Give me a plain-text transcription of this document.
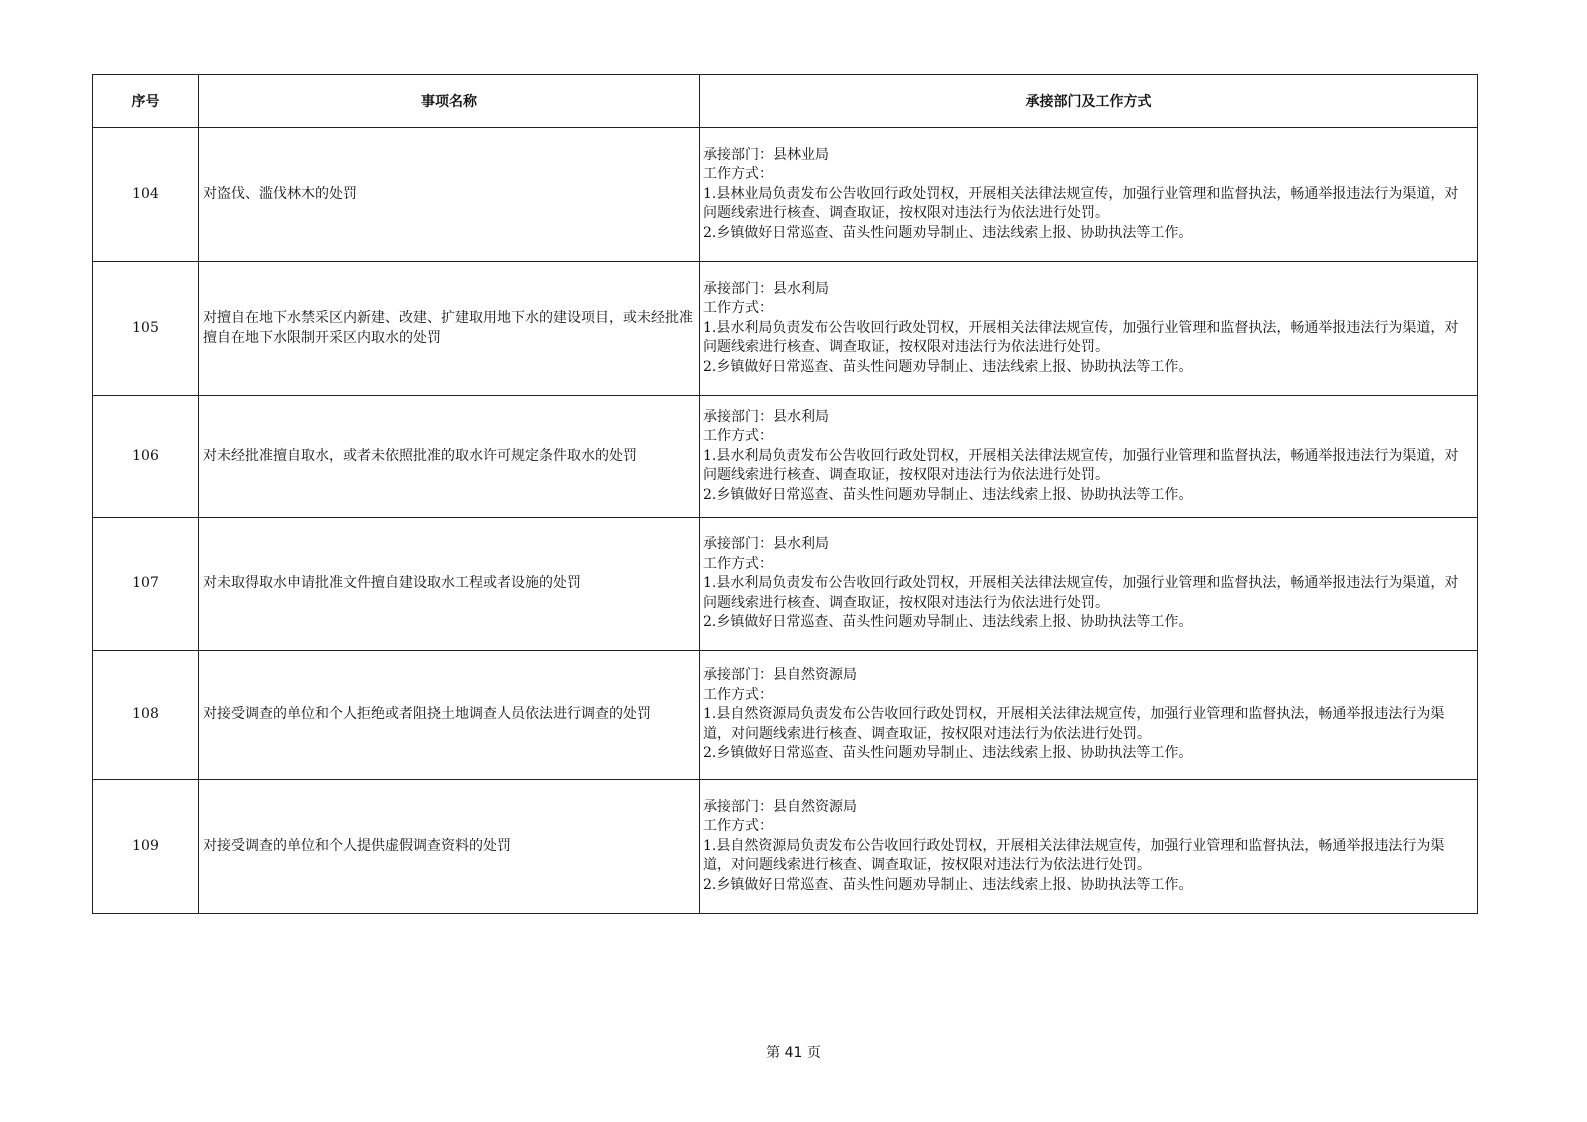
序号	事项名称	承接部门及工作方式
104	对盗伐、滥伐林木的处罚	承接部门：县林业局
工作方式：
1.县林业局负责发布公告收回行政处罚权，开展相关法律法规宣传，加强行业管理和监督执法，畅通举报违法行为渠道，对问题线索进行核查、调查取证，按权限对违法行为依法进行处罚。
2.乡镇做好日常巡查、苗头性问题劝导制止、违法线索上报、协助执法等工作。

105	对擅自在地下水禁采区内新建、改建、扩建取用地下水的建设项目，或未经批准擅自在地下水限制开采区内取水的处罚	承接部门：县水利局
工作方式：
1.县水利局负责发布公告收回行政处罚权，开展相关法律法规宣传，加强行业管理和监督执法，畅通举报违法行为渠道，对问题线索进行核查、调查取证，按权限对违法行为依法进行处罚。
2.乡镇做好日常巡查、苗头性问题劝导制止、违法线索上报、协助执法等工作。

106	对未经批准擅自取水，或者未依照批准的取水许可规定条件取水的处罚	承接部门：县水利局
工作方式：
1.县水利局负责发布公告收回行政处罚权，开展相关法律法规宣传，加强行业管理和监督执法，畅通举报违法行为渠道，对问题线索进行核查、调查取证，按权限对违法行为依法进行处罚。
2.乡镇做好日常巡查、苗头性问题劝导制止、违法线索上报、协助执法等工作。

107	对未取得取水申请批准文件擅自建设取水工程或者设施的处罚	承接部门：县水利局
工作方式：
1.县水利局负责发布公告收回行政处罚权，开展相关法律法规宣传，加强行业管理和监督执法，畅通举报违法行为渠道，对问题线索进行核查、调查取证，按权限对违法行为依法进行处罚。
2.乡镇做好日常巡查、苗头性问题劝导制止、违法线索上报、协助执法等工作。

108	对接受调查的单位和个人拒绝或者阻挠土地调查人员依法进行调查的处罚	承接部门：县自然资源局
工作方式：
1.县自然资源局负责发布公告收回行政处罚权，开展相关法律法规宣传，加强行业管理和监督执法，畅通举报违法行为渠道，对问题线索进行核查、调查取证，按权限对违法行为依法进行处罚。
2.乡镇做好日常巡查、苗头性问题劝导制止、违法线索上报、协助执法等工作。

109	对接受调查的单位和个人提供虚假调查资料的处罚	承接部门：县自然资源局
工作方式：
1.县自然资源局负责发布公告收回行政处罚权，开展相关法律法规宣传，加强行业管理和监督执法，畅通举报违法行为渠道，对问题线索进行核查、调查取证，按权限对违法行为依法进行处罚。
2.乡镇做好日常巡查、苗头性问题劝导制止、违法线索上报、协助执法等工作。
第 41 页
